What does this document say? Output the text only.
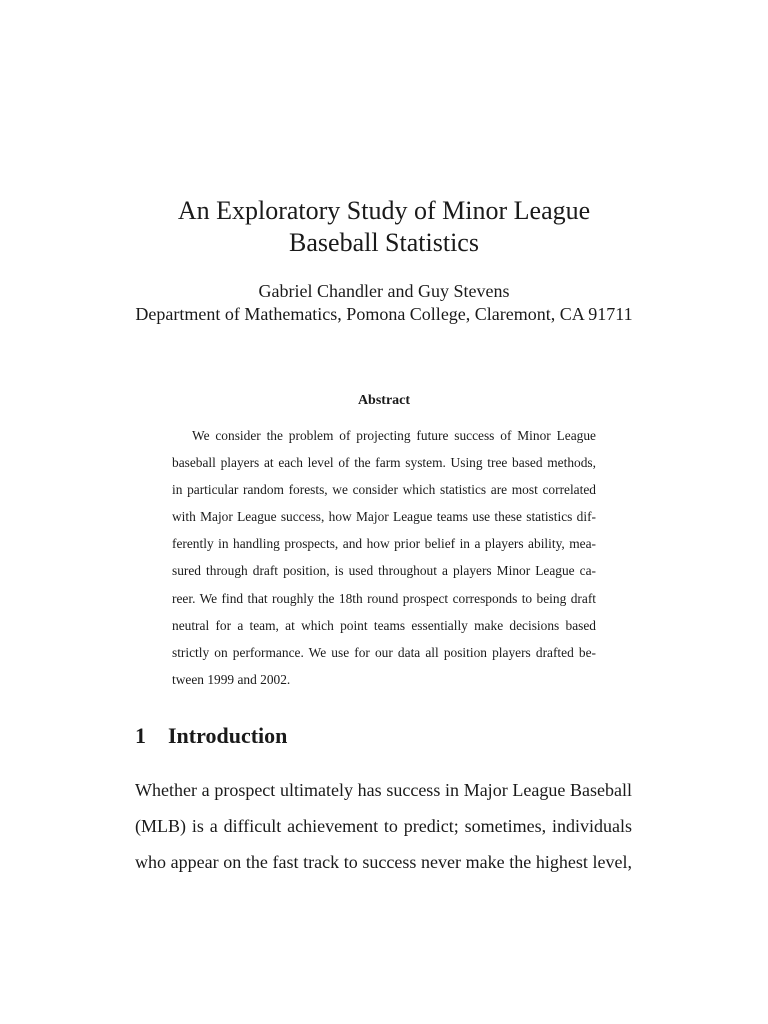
An Exploratory Study of Minor League
Baseball Statistics
Gabriel Chandler and Guy Stevens
Department of Mathematics, Pomona College, Claremont, CA 91711
Abstract
We consider the problem of projecting future success of Minor League
baseball players at each level of the farm system. Using tree based methods,
in particular random forests, we consider which statistics are most correlated
with Major League success, how Major League teams use these statistics dif-
ferently in handling prospects, and how prior belief in a players ability, mea-
sured through draft position, is used throughout a players Minor League ca-
reer. We find that roughly the 18th round prospect corresponds to being draft
neutral for a team, at which point teams essentially make decisions based
strictly on performance. We use for our data all position players drafted be-
tween 1999 and 2002.
1 Introduction
Whether a prospect ultimately has success in Major League Baseball
(MLB) is a difficult achievement to predict; sometimes, individuals
who appear on the fast track to success never make the highest level,
